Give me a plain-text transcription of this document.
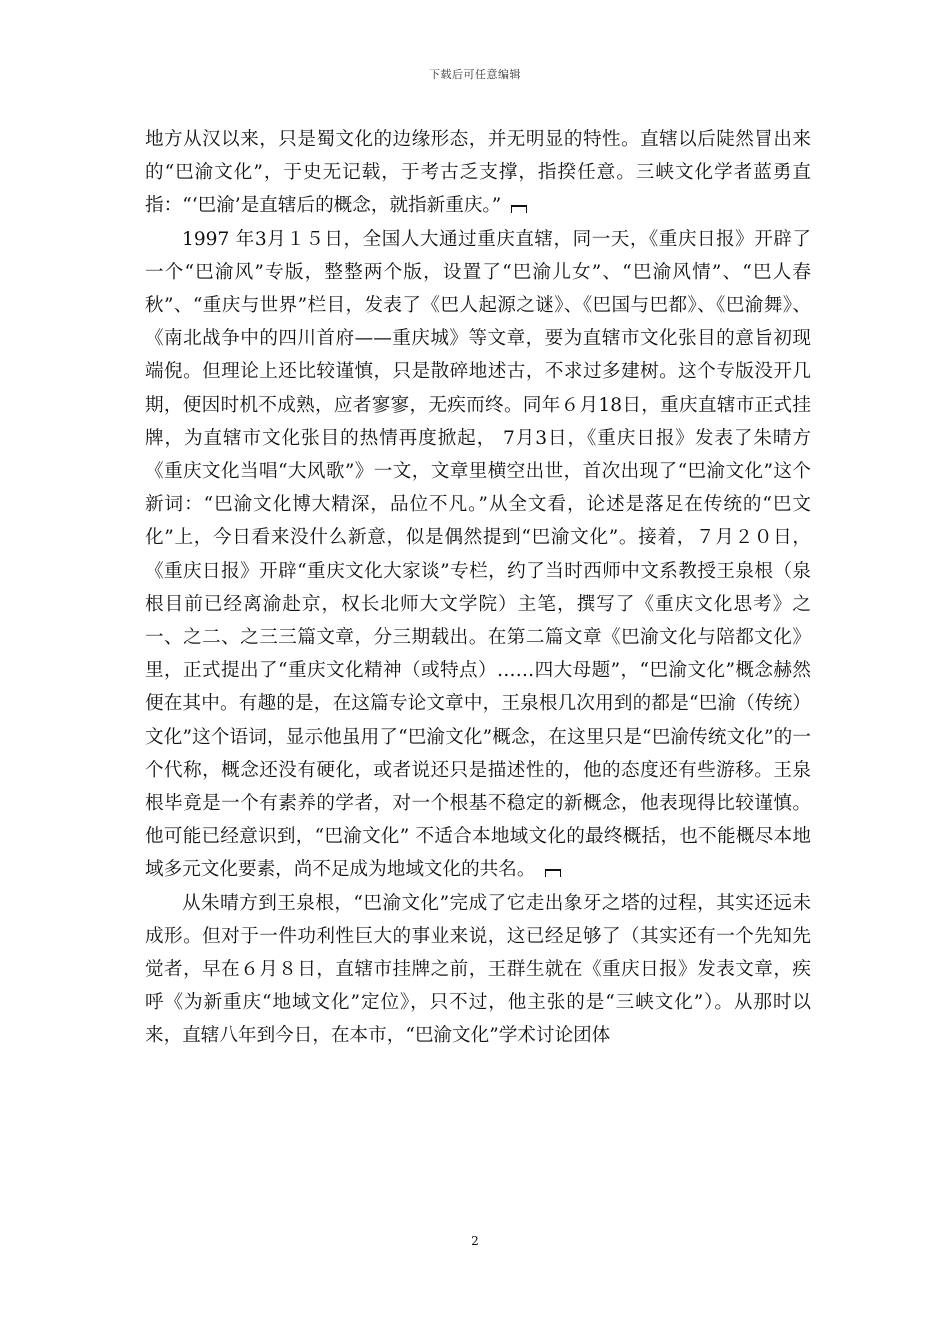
下载后可任意编辑

地方从汉以来，只是蜀文化的边缘形态，并无明显的特性。直辖以后陡然冒出来的“巴渝文化”，于史无记载，于考古乏支撑，指揆任意。三峡文化学者蓝勇直指：“‘巴渝’是直辖后的概念，就指新重庆。”

1997 年3月１５日，全国人大通过重庆直辖，同一天，《重庆日报》开辟了一个“巴渝风”专版，整整两个版，设置了“巴渝儿女”、“巴渝风情”、“巴人春秋”、“重庆与世界”栏目，发表了《巴人起源之谜》、《巴国与巴都》、《巴渝舞》、《南北战争中的四川首府——重庆城》等文章，要为直辖市文化张目的意旨初现端倪。但理论上还比较谨慎，只是散碎地述古，不求过多建树。这个专版没开几期，便因时机不成熟，应者寥寥，无疾而终。同年６月18日，重庆直辖市正式挂牌，为直辖市文化张目的热情再度掀起， 7月3日，《重庆日报》发表了朱晴方《重庆文化当唱“大风歌”》一文，文章里横空出世，首次出现了“巴渝文化”这个新词：“巴渝文化博大精深，品位不凡。”从全文看，论述是落足在传统的“巴文化”上，今日看来没什么新意，似是偶然提到“巴渝文化”。接着，７月２０日，《重庆日报》开辟“重庆文化大家谈”专栏，约了当时西师中文系教授王泉根（泉根目前已经离渝赴京，权长北师大文学院）主笔，撰写了《重庆文化思考》之一、之二、之三三篇文章，分三期载出。在第二篇文章《巴渝文化与陪都文化》里，正式提出了“重庆文化精神（或特点）……四大母题”，“巴渝文化”概念赫然便在其中。有趣的是，在这篇专论文章中，王泉根几次用到的都是“巴渝（传统）文化”这个语词，显示他虽用了“巴渝文化”概念，在这里只是“巴渝传统文化”的一个代称，概念还没有硬化，或者说还只是描述性的，他的态度还有些游移。王泉根毕竟是一个有素养的学者，对一个根基不稳定的新概念，他表现得比较谨慎。他可能已经意识到，“巴渝文化” 不适合本地域文化的最终概括，也不能概尽本地域多元文化要素，尚不足成为地域文化的共名。

从朱晴方到王泉根，“巴渝文化”完成了它走出象牙之塔的过程，其实还远未成形。但对于一件功利性巨大的事业来说，这已经足够了（其实还有一个先知先觉者，早在６月８日，直辖市挂牌之前，王群生就在《重庆日报》发表文章，疾呼《为新重庆“地域文化”定位》，只不过，他主张的是“三峡文化”）。从那时以来，直辖八年到今日，在本市，“巴渝文化”学术讨论团体

2
